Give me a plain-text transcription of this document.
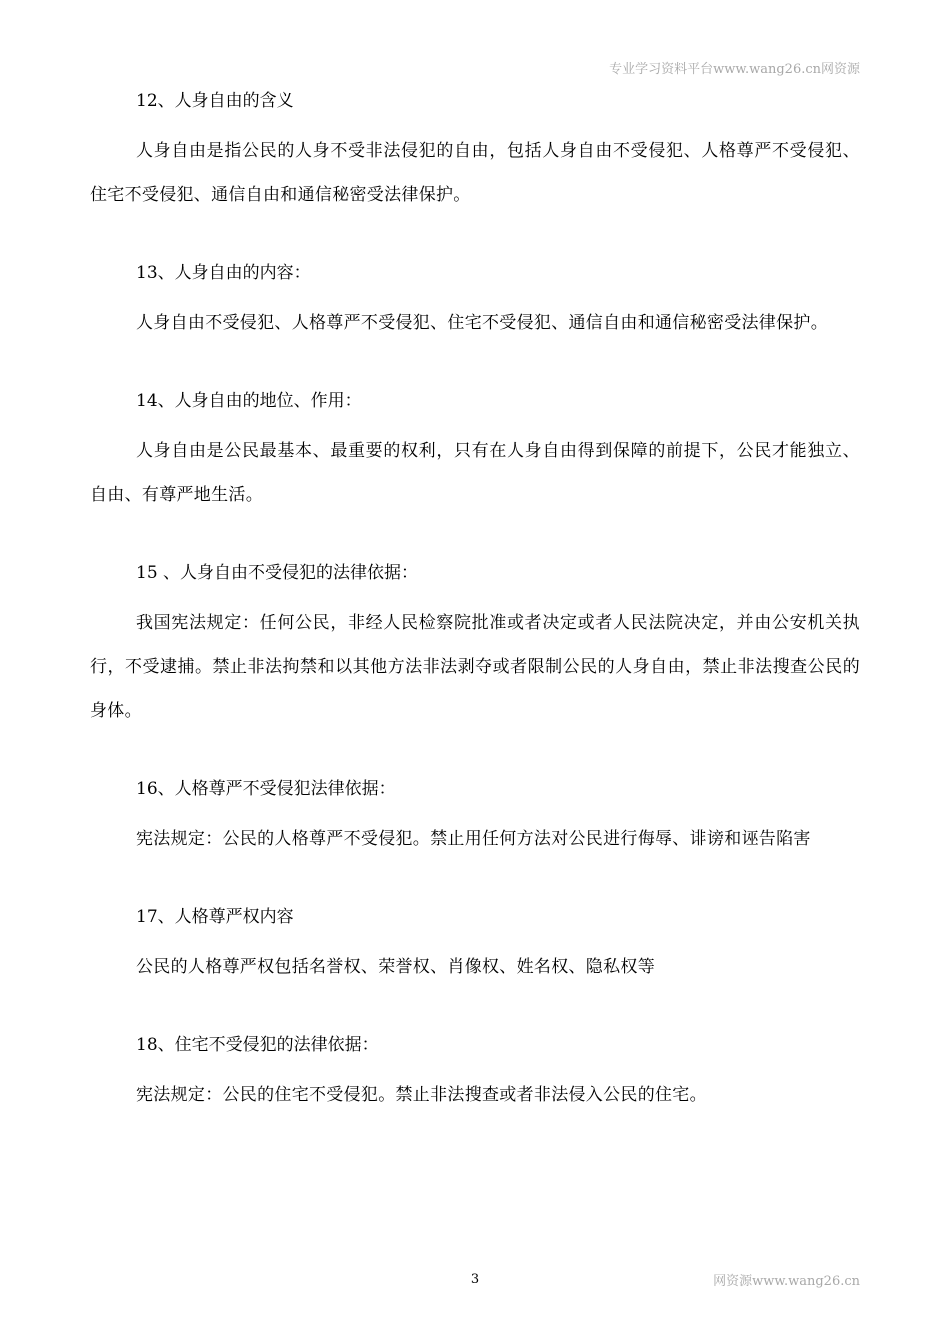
专业学习资料平台www.wang26.cn网资源

12、人身自由的含义

人身自由是指公民的人身不受非法侵犯的自由，包括人身自由不受侵犯、人格尊严不受侵犯、住宅不受侵犯、通信自由和通信秘密受法律保护。

13、人身自由的内容：

人身自由不受侵犯、人格尊严不受侵犯、住宅不受侵犯、通信自由和通信秘密受法律保护。

14、人身自由的地位、作用：

人身自由是公民最基本、最重要的权利，只有在人身自由得到保障的前提下，公民才能独立、自由、有尊严地生活。

15 、人身自由不受侵犯的法律依据：

我国宪法规定：任何公民，非经人民检察院批准或者决定或者人民法院决定，并由公安机关执行，不受逮捕。禁止非法拘禁和以其他方法非法剥夺或者限制公民的人身自由，禁止非法搜查公民的身体。

16、人格尊严不受侵犯法律依据：

宪法规定：公民的人格尊严不受侵犯。禁止用任何方法对公民进行侮辱、诽谤和诬告陷害

17、人格尊严权内容

公民的人格尊严权包括名誉权、荣誉权、肖像权、姓名权、隐私权等

18、住宅不受侵犯的法律依据：

宪法规定：公民的住宅不受侵犯。禁止非法搜查或者非法侵入公民的住宅。

3	网资源www.wang26.cn
